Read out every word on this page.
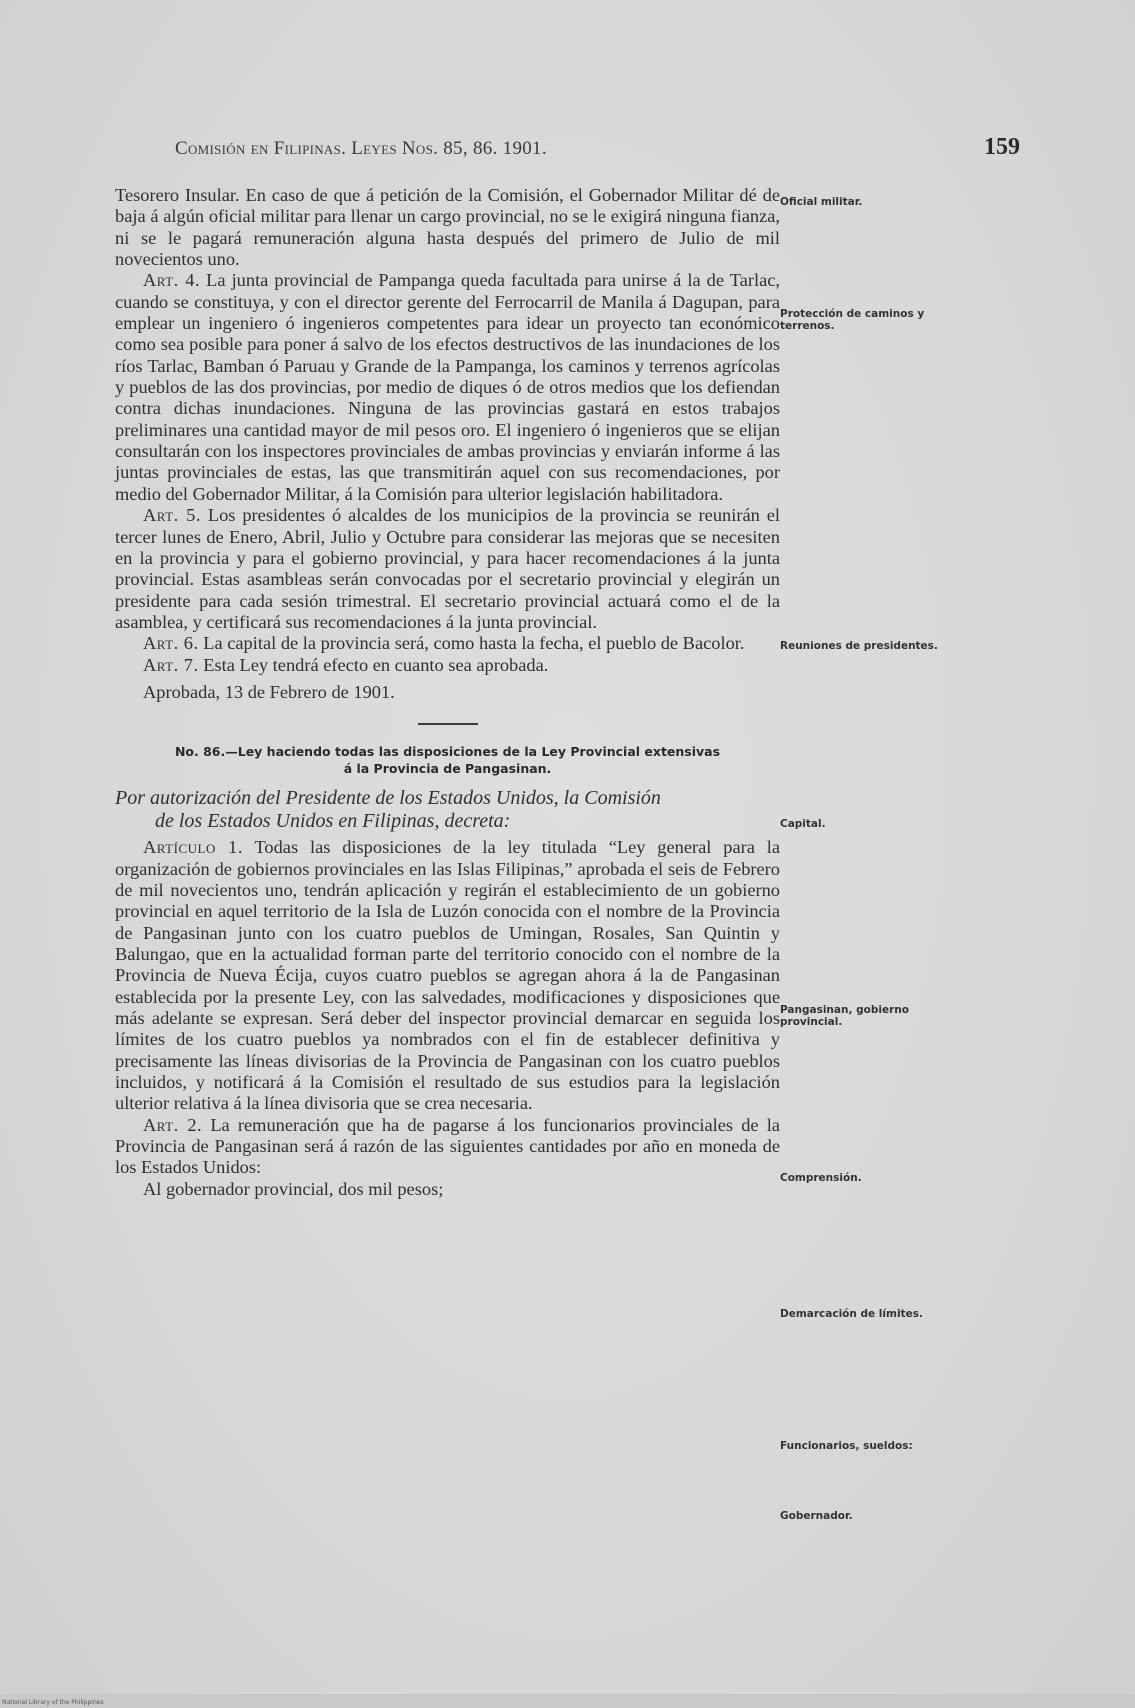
Comisión en Filipinas. Leyes Nos. 85, 86. 1901.	159

Tesorero Insular. En caso de que á petición de la Comisión, el Gobernador Militar dé de baja á algún oficial militar para llenar un cargo provincial, no se le exigirá ninguna fianza, ni se le pagará remuneración alguna hasta después del primero de Julio de mil novecientos uno.

Art. 4. La junta provincial de Pampanga queda facultada para unirse á la de Tarlac, cuando se constituya, y con el director gerente del Ferrocarril de Manila á Dagupan, para emplear un ingeniero ó ingenieros competentes para idear un proyecto tan económico como sea posible para poner á salvo de los efectos destructivos de las inundaciones de los ríos Tarlac, Bamban ó Paruau y Grande de la Pampanga, los caminos y terrenos agrícolas y pueblos de las dos provincias, por medio de diques ó de otros medios que los defiendan contra dichas inundaciones. Ninguna de las provincias gastará en estos trabajos preliminares una cantidad mayor de mil pesos oro. El ingeniero ó ingenieros que se elijan consultarán con los inspectores provinciales de ambas provincias y enviarán informe á las juntas provinciales de estas, las que transmitirán aquel con sus recomendaciones, por medio del Gobernador Militar, á la Comisión para ulterior legislación habilitadora.

Art. 5. Los presidentes ó alcaldes de los municipios de la provincia se reunirán el tercer lunes de Enero, Abril, Julio y Octubre para considerar las mejoras que se necesiten en la provincia y para el gobierno provincial, y para hacer recomendaciones á la junta provincial. Estas asambleas serán convocadas por el secretario provincial y elegirán un presidente para cada sesión trimestral. El secretario provincial actuará como el de la asamblea, y certificará sus recomendaciones á la junta provincial.

Art. 6. La capital de la provincia será, como hasta la fecha, el pueblo de Bacolor.

Art. 7. Esta Ley tendrá efecto en cuanto sea aprobada.

Aprobada, 13 de Febrero de 1901.

No. 86.—Ley haciendo todas las disposiciones de la Ley Provincial extensivas
á la Provincia de Pangasinan.
Por autorización del Presidente de los Estados Unidos, la Comisión
de los Estados Unidos en Filipinas, decreta:

Artículo 1. Todas las disposiciones de la ley titulada “Ley general para la organización de gobiernos provinciales en las Islas Filipinas,” aprobada el seis de Febrero de mil novecientos uno, tendrán aplicación y regirán el establecimiento de un gobierno provincial en aquel territorio de la Isla de Luzón conocida con el nombre de la Provincia de Pangasinan junto con los cuatro pueblos de Umingan, Rosales, San Quintin y Balungao, que en la actualidad forman parte del territorio conocido con el nombre de la Provincia de Nueva Écija, cuyos cuatro pueblos se agregan ahora á la de Pangasinan establecida por la presente Ley, con las salvedades, modificaciones y disposiciones que más adelante se expresan. Será deber del inspector provincial demarcar en seguida los límites de los cuatro pueblos ya nombrados con el fin de establecer definitiva y precisamente las líneas divisorias de la Provincia de Pangasinan con los cuatro pueblos incluidos, y notificará á la Comisión el resultado de sus estudios para la legislación ulterior relativa á la línea divisoria que se crea necesaria.

Art. 2. La remuneración que ha de pagarse á los funcionarios provinciales de la Provincia de Pangasinan será á razón de las siguientes cantidades por año en moneda de los Estados Unidos:

Al gobernador provincial, dos mil pesos;

Oficial militar.
Protección de caminos y terrenos.
Reuniones de presidentes.
Capital.
Pangasinan, gobierno provincial.
Comprensión.
Demarcación de límites.
Funcionarios, sueldos:
Gobernador.
National Library of the Philippines
